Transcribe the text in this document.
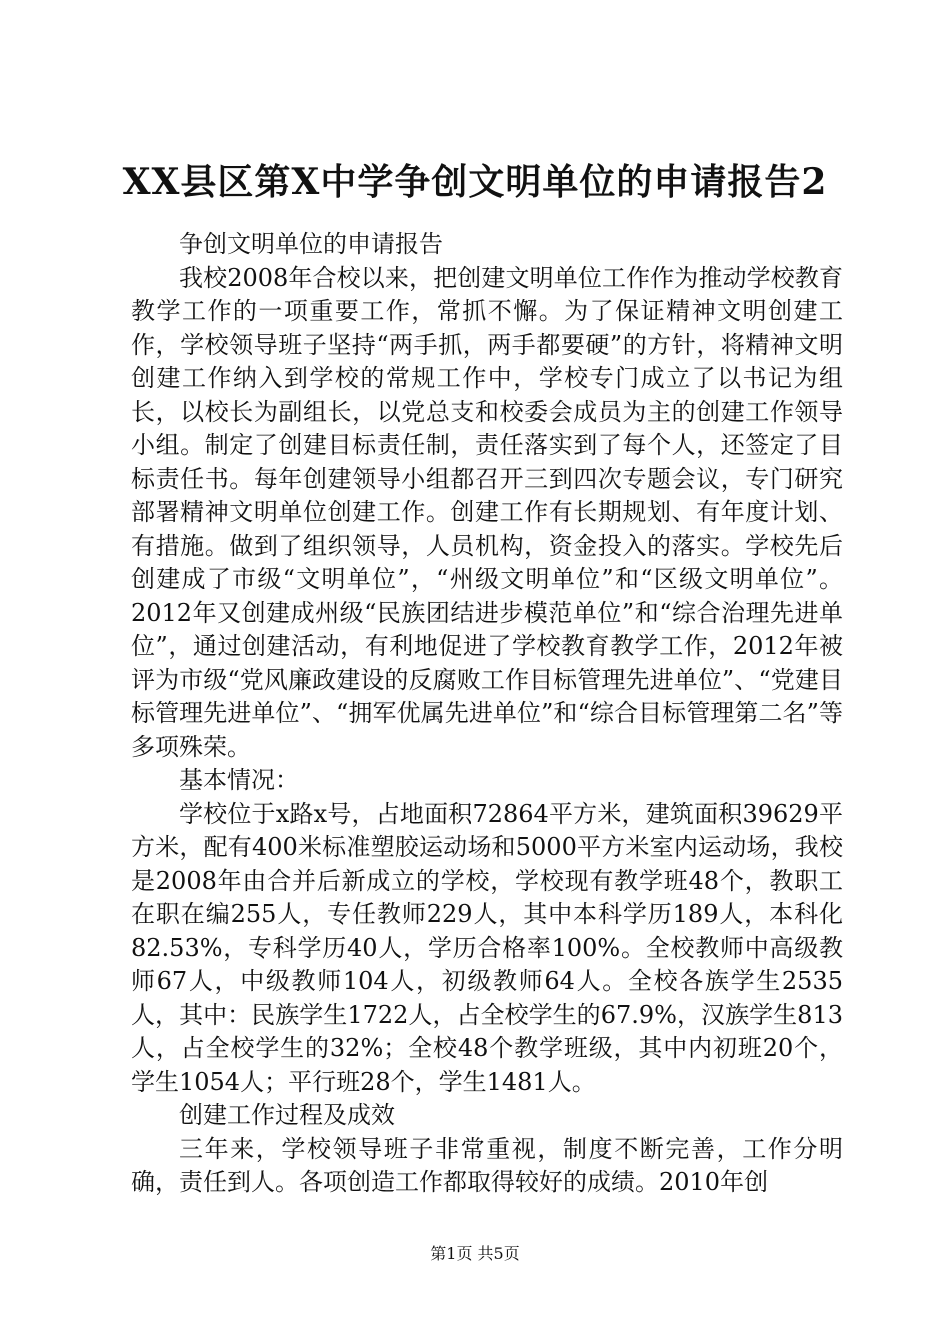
XX县区第X中学争创文明单位的申请报告2

争创文明单位的申请报告

我校2008年合校以来，把创建文明单位工作作为推动学校教育教学工作的一项重要工作，常抓不懈。为了保证精神文明创建工作，学校领导班子坚持“两手抓，两手都要硬”的方针，将精神文明创建工作纳入到学校的常规工作中，学校专门成立了以书记为组长，以校长为副组长，以党总支和校委会成员为主的创建工作领导小组。制定了创建目标责任制，责任落实到了每个人，还签定了目标责任书。每年创建领导小组都召开三到四次专题会议，专门研究部署精神文明单位创建工作。创建工作有长期规划、有年度计划、有措施。做到了组织领导，人员机构，资金投入的落实。学校先后创建成了市级“文明单位”，“州级文明单位”和“区级文明单位”。2012年又创建成州级“民族团结进步模范单位”和“综合治理先进单位”，通过创建活动，有利地促进了学校教育教学工作，2012年被评为市级“党风廉政建设的反腐败工作目标管理先进单位”、“党建目标管理先进单位”、“拥军优属先进单位”和“综合目标管理第二名”等多项殊荣。

基本情况：

学校位于x路x号，占地面积72864平方米，建筑面积39629平方米，配有400米标准塑胶运动场和5000平方米室内运动场，我校是2008年由合并后新成立的学校，学校现有教学班48个，教职工在职在编255人，专任教师229人，其中本科学历189人，本科化82.53%，专科学历40人，学历合格率100%。全校教师中高级教师67人，中级教师104人，初级教师64人。全校各族学生2535人，其中：民族学生1722人，占全校学生的67.9%，汉族学生813人，占全校学生的32%；全校48个教学班级，其中内初班20个，学生1054人；平行班28个，学生1481人。

创建工作过程及成效

三年来，学校领导班子非常重视，制度不断完善，工作分明确，责任到人。各项创造工作都取得较好的成绩。2010年创

第1页 共5页
